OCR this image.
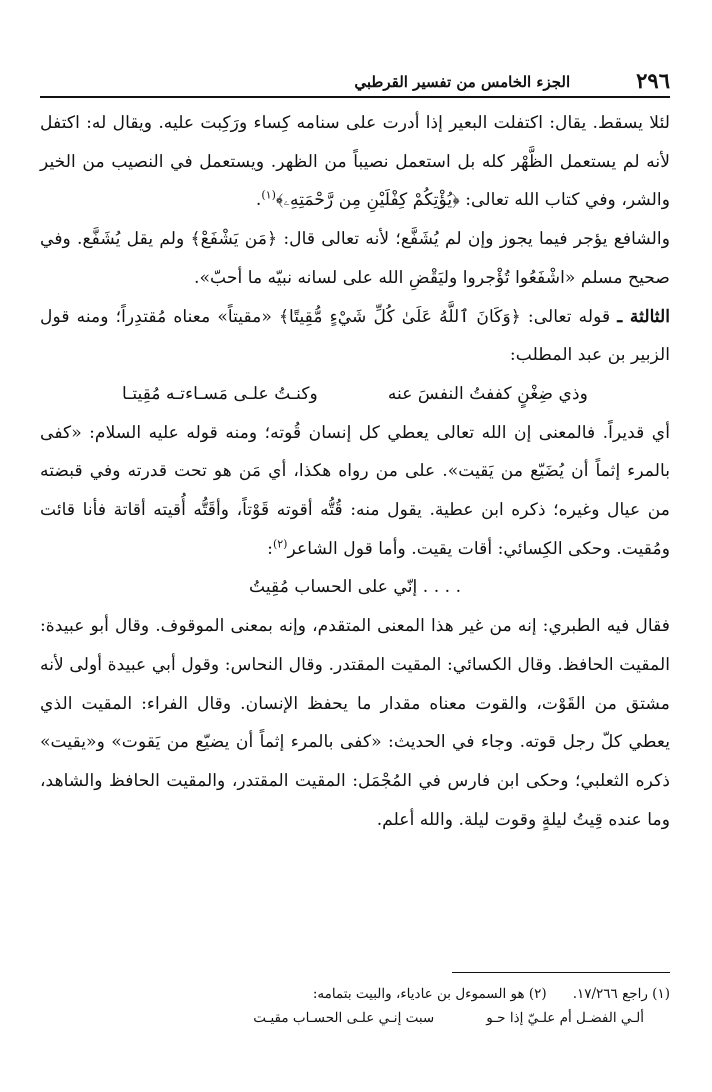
٢٩٦
الجزء الخامس من تفسير القرطبي

لئلا يسقط. يقال: اكتفلت البعير إذا أدرت على سنامه كِساء ورَكِبت عليه. ويقال له: اكتفل لأنه لم يستعمل الظَّهْر كله بل استعمل نصيباً من الظهر. ويستعمل في النصيب من الخير والشر، وفي كتاب الله تعالى: ﴿يُؤْتِكُمْ كِفْلَيْنِ مِن رَّحْمَتِهِۦ﴾$^{(١)}$.

والشافع يؤجر فيما يجوز وإن لم يُشَفَّع؛ لأنه تعالى قال: ﴿مَن يَشْفَعْ﴾ ولم يقل يُشَفَّع. وفي صحيح مسلم «اشْفَعُوا تُؤْجروا وليَقْضِ الله على لسانه نبيّه ما أحبّ».

الثالثة ـ قوله تعالى: ﴿وَكَانَ ٱللَّهُ عَلَىٰ كُلِّ شَيْءٍ مُّقِيتًا﴾ «مقيتاً» معناه مُقتدِراً؛ ومنه قول الزبير بن عبد المطلب:

وذي ضِغْنٍ كففتُ النفسَ عنه
وكنـتُ علـى مَسـاءتـه مُقِيتـا

أي قديراً. فالمعنى إن الله تعالى يعطي كل إنسان قُوته؛ ومنه قوله عليه السلام: «كفى بالمرء إثماً أن يُضَيّع من يَقيت». على من رواه هكذا، أي مَن هو تحت قدرته وفي قبضته من عيال وغيره؛ ذكره ابن عطية. يقول منه: قُتُّه أقوته قَوْتاً، وأقَتُّه أُقيته أقاتة فأنا قائت ومُقيت. وحكى الكِسائي: أقات يقيت. وأما قول الشاعر$^{(٢)}$:

. . . . إنّي على الحساب مُقِيتُ

فقال فيه الطبري: إنه من غير هذا المعنى المتقدم، وإنه بمعنى الموقوف. وقال أبو عبيدة: المقيت الحافظ. وقال الكسائي: المقيت المقتدر. وقال النحاس: وقول أبي عبيدة أولى لأنه مشتق من القَوْت، والقوت معناه مقدار ما يحفظ الإنسان. وقال الفراء: المقيت الذي يعطي كلّ رجل قوته. وجاء في الحديث: «كفى بالمرء إثماً أن يضيّع من يَقوت» و«يقيت» ذكره الثعلبي؛ وحكى ابن فارس في المُجْمَل: المقيت المقتدر، والمقيت الحافظ والشاهد، وما عنده قِيتُ ليلةٍ وقوت ليلة. والله أعلم.

(١) راجع ١٧/٢٦٦.
(٢) هو السموءل بن عادياء، والبيت بتمامه:
ألـي الفضـل أم علـيّ إذا حـو
سبت إنـي علـى الحسـاب مقيـت
